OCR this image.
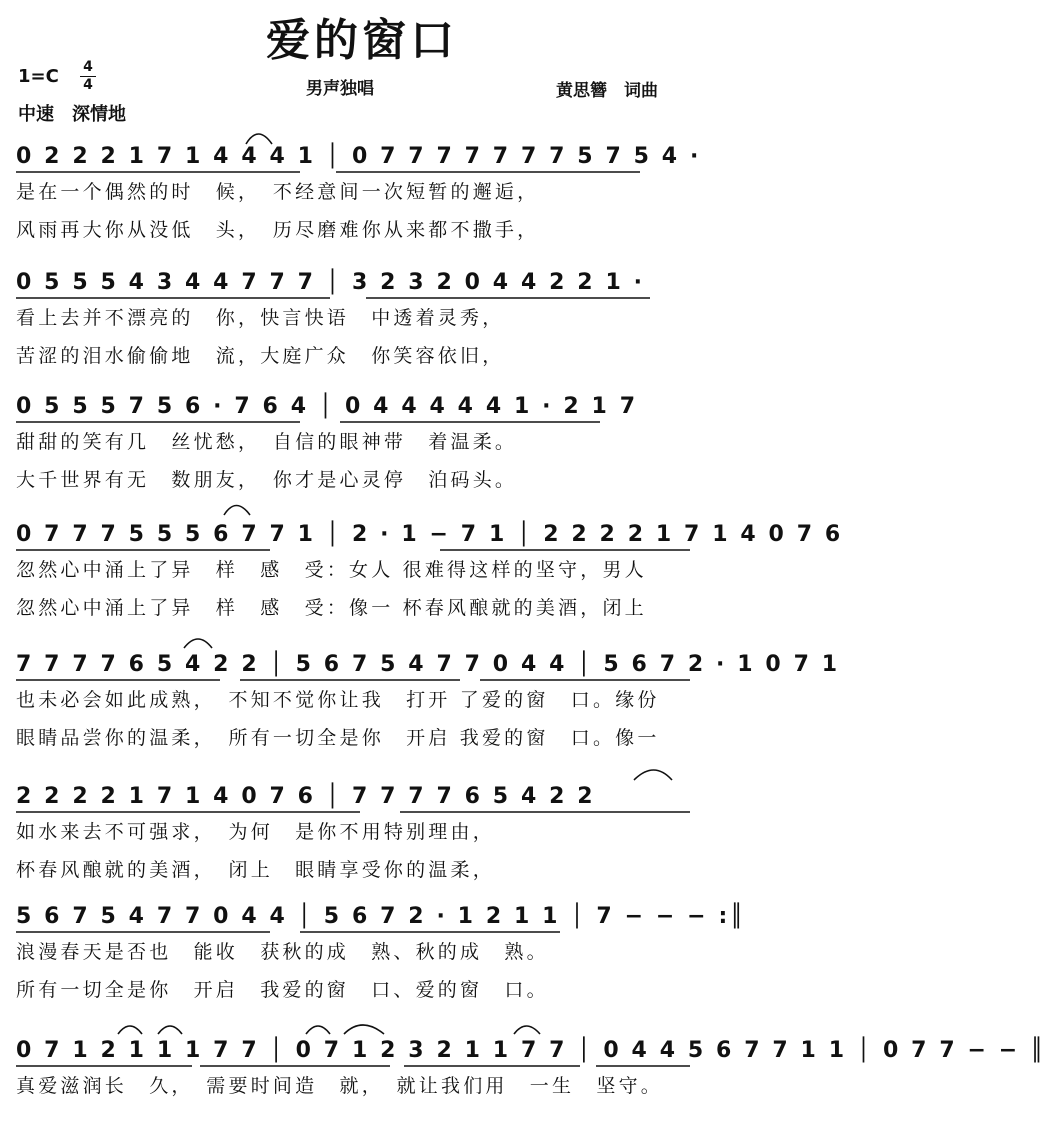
爱的窗口
1=C 4
4
中速　深情地
男声独唱	黄思簪　词曲
0 2 2 2 1 7 1 4 4 4 1 │ 0 7 7 7 7 7 7 7 5 7 5 4 ·
是在一个偶然的时　候，　不经意间一次短暂的邂逅，
风雨再大你从没低　头，　历尽磨难你从来都不撒手，
0 5 5 5 4 3 4 4 7 7 7 │ 3 2 3 2 0 4 4 2 2 1 ·
看上去并不漂亮的　你，快言快语　中透着灵秀，
苦涩的泪水偷偷地　流，大庭广众　你笑容依旧，
0 5 5 5 7 5 6 · 7 6 4 │ 0 4 4 4 4 4 1 · 2 1 7
甜甜的笑有几　丝忧愁，　自信的眼神带　着温柔。
大千世界有无　数朋友，　你才是心灵停　泊码头。
0 7 7 7 5 5 5 6 7 7 1 │ 2 · 1 − 7 1 │ 2 2 2 2 1 7 1 4 0 7 6
忽然心中涌上了异　样　感　受：女人 很难得这样的坚守，男人
忽然心中涌上了异　样　感　受：像一 杯春风酿就的美酒，闭上
7 7 7 7 6 5 4 2 2 │ 5 6 7 5 4 7 7 0 4 4 │ 5 6 7 2 · 1 0 7 1
也未必会如此成熟，　不知不觉你让我　打开 了爱的窗　口。缘份
眼睛品尝你的温柔，　所有一切全是你　开启 我爱的窗　口。像一
2 2 2 2 1 7 1 4 0 7 6 │ 7 7 7 7 6 5 4 2 2
如水来去不可强求，　为何　是你不用特别理由，
杯春风酿就的美酒，　闭上　眼睛享受你的温柔，
5 6 7 5 4 7 7 0 4 4 │ 5 6 7 2 · 1 2 1 1 │ 7 − − − :║
浪漫春天是否也　能收　获秋的成　熟、秋的成　熟。
所有一切全是你　开启　我爱的窗　口、爱的窗　口。
0 7 1 2 1 1 1 7 7 │ 0 7 1 2 3 2 1 1 7 7 │ 0 4 4 5 6 7 7 1 1 │ 0 7 7 − − ║
真爱滋润长　久，　需要时间造　就，　就让我们用　一生　坚守。
